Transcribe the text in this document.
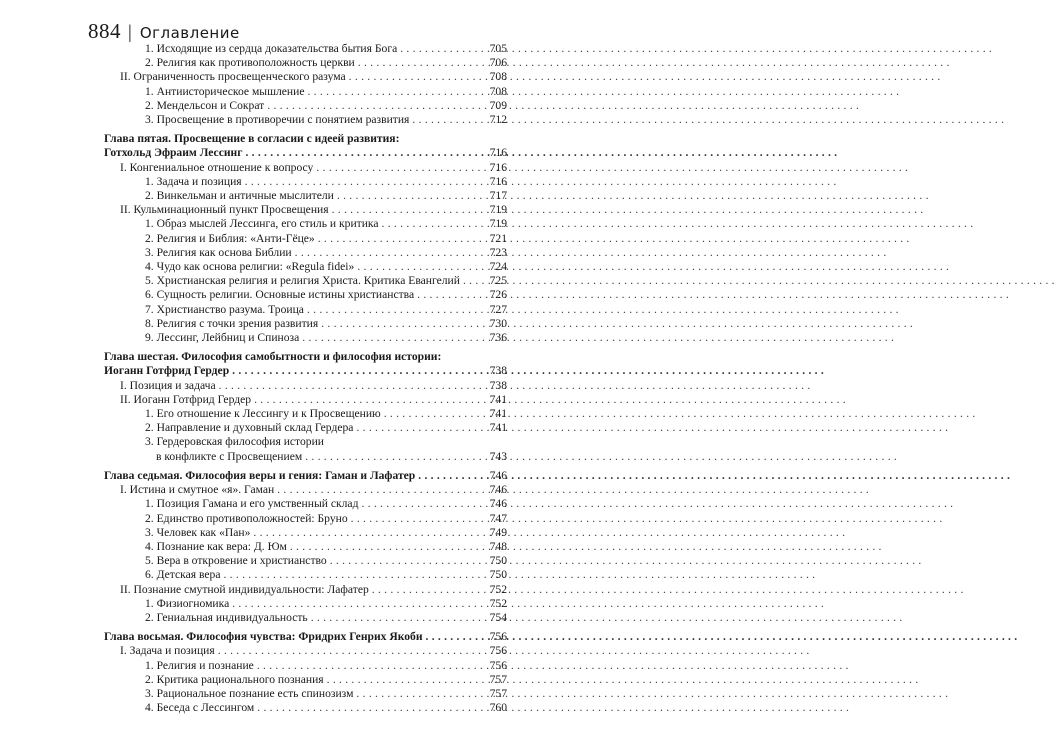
884 | Оглавление
1. Исходящие из сердца доказательства бытия Бога . . .	705
2. Религия как противоположность церкви . . .	706
II. Ограниченность просвещенческого разума . . .	708
1. Антиисторическое мышление . . .	708
2. Мендельсон и Сократ . . .	709
3. Просвещение в противоречии с понятием развития . . .	712
Глава пятая. Просвещение в согласии с идеей развития:
Готхольд Эфраим Лессинг . . .	716
I. Конгениальное отношение к вопросу . . .	716
1. Задача и позиция . . .	716
2. Винкельман и античные мыслители . . .	717
II. Кульминационный пункт Просвещения . . .	719
1. Образ мыслей Лессинга, его стиль и критика . . .	719
2. Религия и Библия: «Анти-Гёце» . . .	721
3. Религия как основа Библии . . .	723
4. Чудо как основа религии: «Regula fidei» . . .	724
5. Христианская религия и религия Христа. Критика Евангелий . . .	725
6. Сущность религии. Основные истины христианства . . .	726
7. Христианство разума. Троица . . .	727
8. Религия с точки зрения развития . . .	730
9. Лессинг, Лейбниц и Спиноза . . .	736
Глава шестая. Философия самобытности и философия истории:
Иоганн Готфрид Гердер . . .	738
I. Позиция и задача . . .	738
II. Иоганн Готфрид Гердер . . .	741
1. Его отношение к Лессингу и к Просвещению . . .	741
2. Направление и духовный склад Гердера . . .	741
3. Гердеровская философия истории
в конфликте с Просвещением . . .	743
Глава седьмая. Философия веры и гения: Гаман и Лафатер . . .	746
I. Истина и смутное «я». Гаман . . .	746
1. Позиция Гамана и его умственный склад . . .	746
2. Единство противоположностей: Бруно . . .	747
3. Человек как «Пан» . . .	749
4. Познание как вера: Д. Юм . . .	748
5. Вера в откровение и христианство . . .	750
6. Детская вера . . .	750
II. Познание смутной индивидуальности: Лафатер . . .	752
1. Физиогномика . . .	752
2. Гениальная индивидуальность . . .	754
Глава восьмая. Философия чувства: Фридрих Генрих Якоби . . .	756
I. Задача и позиция . . .	756
1. Религия и познание . . .	756
2. Критика рационального познания . . .	757
3. Рациональное познание есть спинозизм . . .	757
4. Беседа с Лессингом . . .	760
